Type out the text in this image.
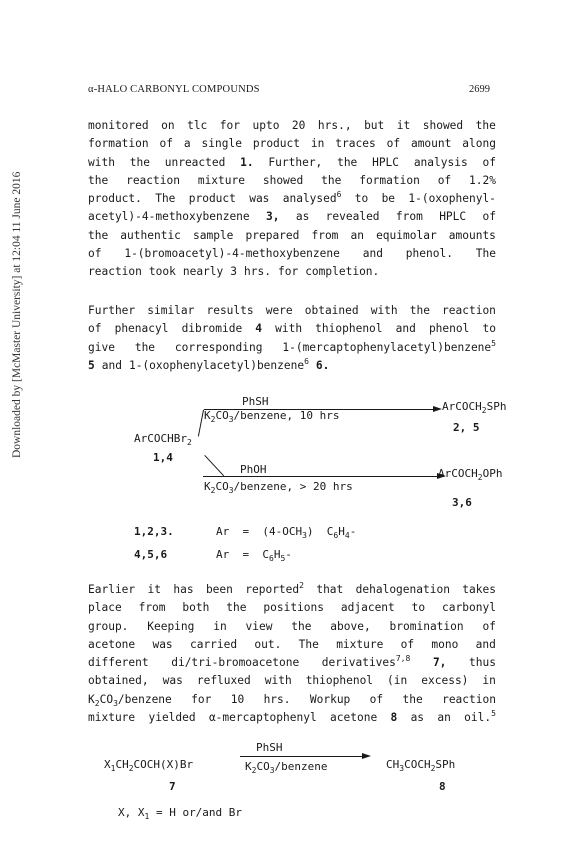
α-HALO CARBONYL COMPOUNDS	2699
Downloaded by [McMaster University] at 12:04 11 June 2016
monitored on tlc for upto 20 hrs., but it showed the
formation of a single product in traces of amount along
with the unreacted 1. Further, the HPLC analysis of
the reaction mixture showed the formation of 1.2%
product. The product was analysed$^6$ to be 1-(oxophenyl-
acetyl)-4-methoxybenzene 3, as revealed from HPLC of
the authentic sample prepared from an equimolar amounts
of 1-(bromoacetyl)-4-methoxybenzene and phenol. The
reaction took nearly 3 hrs. for completion.
Further similar results were obtained with the reaction
of phenacyl dibromide 4 with thiophenol and phenol to
give the corresponding 1-(mercaptophenylacetyl)benzene$^5$
5 and 1-(oxophenylacetyl)benzene$^6$ 6.

PhSH

	ArCOCH$_2$SPh

$K_2CO_3$/benzene, 10 hrs

2, 5

ArCOCHBr$_2$

1,4

PhOH

	ArCOCH$_2$OPh

$K_2CO_3$/benzene, > 20 hrs

3,6

1,2,3.

	$Ar = (4-OCH_3)$  $C_6H_4-$

4,5,6

	$Ar = C_6H_5-$

Earlier it has been reported$^2$ that dehalogenation takes
place from both the positions adjacent to carbonyl
group. Keeping in view the above, bromination of
acetone was carried out. The mixture of mono and
different di/tri-bromoacetone derivatives$^{7,8}$ 7, thus
obtained, was refluxed with thiophenol (in excess) in
$K_2CO_3$/benzene for 10 hrs. Workup of the reaction
mixture yielded α-mercaptophenyl acetone 8 as an oil.$^5$

PhSH

$X_1CH_2COCH(X)Br$

	$K_2CO_3$/benzene

	$CH_3COCH_2SPh$

7

	8

X, $X_1 = H$ or/and Br
